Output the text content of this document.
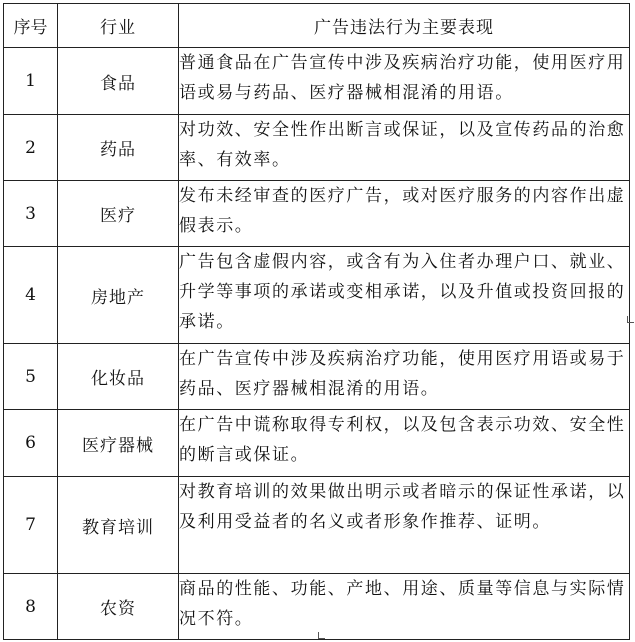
序号	行业	广告违法行为主要表现
1	食品	普通食品在广告宣传中涉及疾病治疗功能，使用医疗用语或易与药品、医疗器械相混淆的用语。
2	药品	对功效、安全性作出断言或保证，以及宣传药品的治愈率、有效率。
3	医疗	发布未经审查的医疗广告，或对医疗服务的内容作出虚假表示。
4	房地产	广告包含虚假内容，或含有为入住者办理户口、就业、升学等事项的承诺或变相承诺，以及升值或投资回报的承诺。
5	化妆品	在广告宣传中涉及疾病治疗功能，使用医疗用语或易于药品、医疗器械相混淆的用语。
6	医疗器械	在广告中谎称取得专利权，以及包含表示功效、安全性的断言或保证。
7	教育培训	对教育培训的效果做出明示或者暗示的保证性承诺，以及利用受益者的名义或者形象作推荐、证明。
8	农资	商品的性能、功能、产地、用途、质量等信息与实际情况不符。
